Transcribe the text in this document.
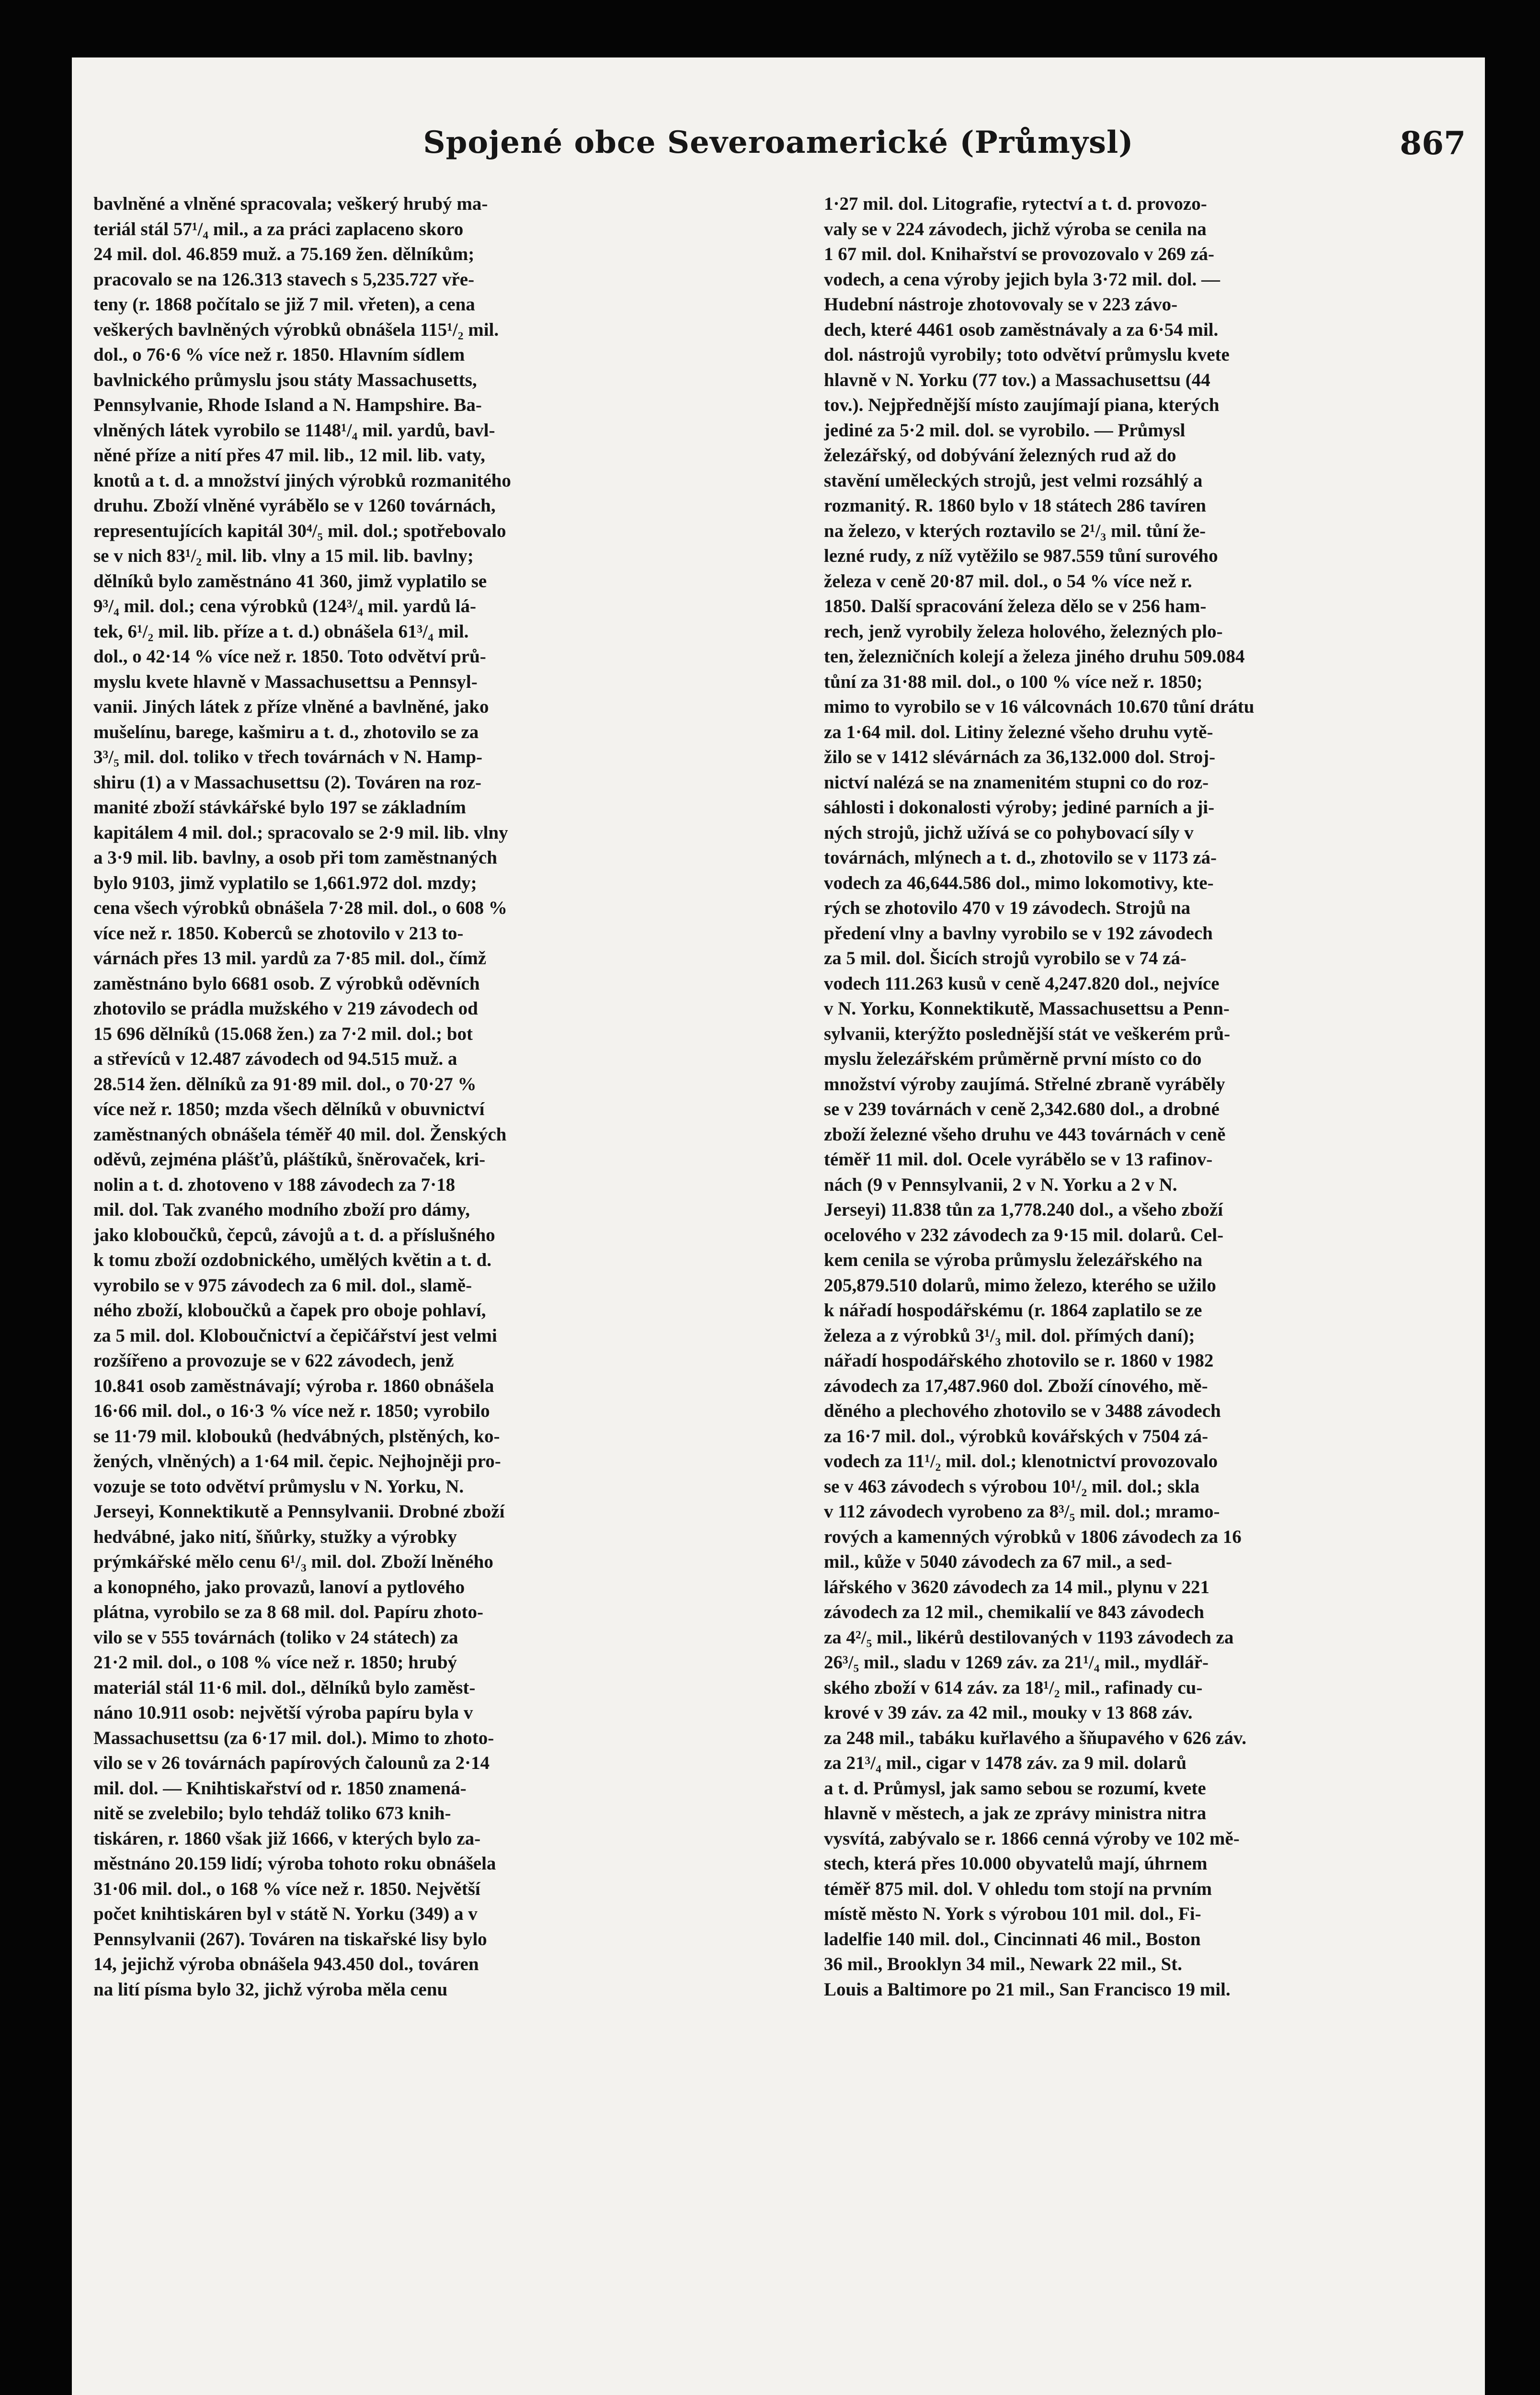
Spojené obce Severoamerické (Průmysl)	867
bavlněné a vlněné spracovala; veškerý hrubý ma-
teriál stál 57¹/₄ mil., a za práci zaplaceno skoro
24 mil. dol. 46.859 muž. a 75.169 žen. dělníkům;
pracovalo se na 126.313 stavech s 5,235.727 vře-
teny (r. 1868 počítalo se již 7 mil. vřeten), a cena
veškerých bavlněných výrobků obnášela 115¹/₂ mil.
dol., o 76·6 % více než r. 1850. Hlavním sídlem
bavlnického průmyslu jsou státy Massachusetts,
Pennsylvanie, Rhode Island a N. Hampshire. Ba-
vlněných látek vyrobilo se 1148¹/₄ mil. yardů, bavl-
něné příze a nití přes 47 mil. lib., 12 mil. lib. vaty,
knotů a t. d. a množství jiných výrobků rozmanitého
druhu. Zboží vlněné vyrábělo se v 1260 továrnách,
representujících kapitál 30⁴/₅ mil. dol.; spotřebovalo
se v nich 83¹/₂ mil. lib. vlny a 15 mil. lib. bavlny;
dělníků bylo zaměstnáno 41 360, jimž vyplatilo se
9³/₄ mil. dol.; cena výrobků (124³/₄ mil. yardů lá-
tek, 6¹/₂ mil. lib. příze a t. d.) obnášela 61³/₄ mil.
dol., o 42·14 % více než r. 1850. Toto odvětví prů-
myslu kvete hlavně v Massachusettsu a Pennsyl-
vanii. Jiných látek z příze vlněné a bavlněné, jako
mušelínu, barege, kašmiru a t. d., zhotovilo se za
3³/₅ mil. dol. toliko v třech továrnách v N. Hamp-
shiru (1) a v Massachusettsu (2). Továren na roz-
manité zboží stávkářské bylo 197 se základním
kapitálem 4 mil. dol.; spracovalo se 2·9 mil. lib. vlny
a 3·9 mil. lib. bavlny, a osob při tom zaměstnaných
bylo 9103, jimž vyplatilo se 1,661.972 dol. mzdy;
cena všech výrobků obnášela 7·28 mil. dol., o 608 %
více než r. 1850. Koberců se zhotovilo v 213 to-
várnách přes 13 mil. yardů za 7·85 mil. dol., čímž
zaměstnáno bylo 6681 osob. Z výrobků oděvních
zhotovilo se prádla mužského v 219 závodech od
15 696 dělníků (15.068 žen.) za 7·2 mil. dol.; bot
a střevíců v 12.487 závodech od 94.515 muž. a
28.514 žen. dělníků za 91·89 mil. dol., o 70·27 %
více než r. 1850; mzda všech dělníků v obuvnictví
zaměstnaných obnášela téměř 40 mil. dol. Ženských
oděvů, zejména plášťů, pláštíků, šněrovaček, kri-
nolin a t. d. zhotoveno v 188 závodech za 7·18
mil. dol. Tak zvaného modního zboží pro dámy,
jako kloboučků, čepců, závojů a t. d. a příslušného
k tomu zboží ozdobnického, umělých květin a t. d.
vyrobilo se v 975 závodech za 6 mil. dol., slamě-
ného zboží, kloboučků a čapek pro oboje pohlaví,
za 5 mil. dol. Kloboučnictví a čepičářství jest velmi
rozšířeno a provozuje se v 622 závodech, jenž
10.841 osob zaměstnávají; výroba r. 1860 obnášela
16·66 mil. dol., o 16·3 % více než r. 1850; vyrobilo
se 11·79 mil. klobouků (hedvábných, plstěných, ko-
žených, vlněných) a 1·64 mil. čepic. Nejhojněji pro-
vozuje se toto odvětví průmyslu v N. Yorku, N.
Jerseyi, Konnektikutě a Pennsylvanii. Drobné zboží
hedvábné, jako nití, šňůrky, stužky a výrobky
prýmkářské mělo cenu 6¹/₃ mil. dol. Zboží lněného
a konopného, jako provazů, lanoví a pytlového
plátna, vyrobilo se za 8 68 mil. dol. Papíru zhoto-
vilo se v 555 továrnách (toliko v 24 státech) za
21·2 mil. dol., o 108 % více než r. 1850; hrubý
materiál stál 11·6 mil. dol., dělníků bylo zaměst-
náno 10.911 osob: největší výroba papíru byla v
Massachusettsu (za 6·17 mil. dol.). Mimo to zhoto-
vilo se v 26 továrnách papírových čalounů za 2·14
mil. dol. — Knihtiskařství od r. 1850 znamená-
nitě se zvelebilo; bylo tehdáž toliko 673 knih-
tiskáren, r. 1860 však již 1666, v kterých bylo za-
městnáno 20.159 lidí; výroba tohoto roku obnášela
31·06 mil. dol., o 168 % více než r. 1850. Největší
počet knihtiskáren byl v státě N. Yorku (349) a v
Pennsylvanii (267). Továren na tiskařské lisy bylo
14, jejichž výroba obnášela 943.450 dol., továren
na lití písma bylo 32, jichž výroba měla cenu
1·27 mil. dol. Litografie, rytectví a t. d. provozo-
valy se v 224 závodech, jichž výroba se cenila na
1 67 mil. dol. Knihařství se provozovalo v 269 zá-
vodech, a cena výroby jejich byla 3·72 mil. dol. —
Hudební nástroje zhotovovaly se v 223 závo-
dech, které 4461 osob zaměstnávaly a za 6·54 mil.
dol. nástrojů vyrobily; toto odvětví průmyslu kvete
hlavně v N. Yorku (77 tov.) a Massachusettsu (44
tov.). Nejpřednější místo zaujímají piana, kterých
jediné za 5·2 mil. dol. se vyrobilo. — Průmysl
železářský, od dobývání železných rud až do
stavění uměleckých strojů, jest velmi rozsáhlý a
rozmanitý. R. 1860 bylo v 18 státech 286 tavíren
na železo, v kterých roztavilo se 2¹/₃ mil. tůní že-
lezné rudy, z níž vytěžilo se 987.559 tůní surového
železa v ceně 20·87 mil. dol., o 54 % více než r.
1850. Další spracování železa dělo se v 256 ham-
rech, jenž vyrobily železa holového, železných plo-
ten, železničních kolejí a železa jiného druhu 509.084
tůní za 31·88 mil. dol., o 100 % více než r. 1850;
mimo to vyrobilo se v 16 válcovnách 10.670 tůní drátu
za 1·64 mil. dol. Litiny železné všeho druhu vytě-
žilo se v 1412 slévárnách za 36,132.000 dol. Stroj-
nictví nalézá se na znamenitém stupni co do roz-
sáhlosti i dokonalosti výroby; jediné parních a ji-
ných strojů, jichž užívá se co pohybovací síly v
továrnách, mlýnech a t. d., zhotovilo se v 1173 zá-
vodech za 46,644.586 dol., mimo lokomotivy, kte-
rých se zhotovilo 470 v 19 závodech. Strojů na
předení vlny a bavlny vyrobilo se v 192 závodech
za 5 mil. dol. Šicích strojů vyrobilo se v 74 zá-
vodech 111.263 kusů v ceně 4,247.820 dol., nejvíce
v N. Yorku, Konnektikutě, Massachusettsu a Penn-
sylvanii, kterýžto poslednější stát ve veškerém prů-
myslu železářském průměrně první místo co do
množství výroby zaujímá. Střelné zbraně vyráběly
se v 239 továrnách v ceně 2,342.680 dol., a drobné
zboží železné všeho druhu ve 443 továrnách v ceně
téměř 11 mil. dol. Ocele vyrábělo se v 13 rafinov-
nách (9 v Pennsylvanii, 2 v N. Yorku a 2 v N.
Jerseyi) 11.838 tůn za 1,778.240 dol., a všeho zboží
ocelového v 232 závodech za 9·15 mil. dolarů. Cel-
kem cenila se výroba průmyslu železářského na
205,879.510 dolarů, mimo železo, kterého se užilo
k nářadí hospodářskému (r. 1864 zaplatilo se ze
železa a z výrobků 3¹/₃ mil. dol. přímých daní);
nářadí hospodářského zhotovilo se r. 1860 v 1982
závodech za 17,487.960 dol. Zboží cínového, mě-
děného a plechového zhotovilo se v 3488 závodech
za 16·7 mil. dol., výrobků kovářských v 7504 zá-
vodech za 11¹/₂ mil. dol.; klenotnictví provozovalo
se v 463 závodech s výrobou 10¹/₂ mil. dol.; skla
v 112 závodech vyrobeno za 8³/₅ mil. dol.; mramo-
rových a kamenných výrobků v 1806 závodech za 16
mil., kůže v 5040 závodech za 67 mil., a sed-
lářského v 3620 závodech za 14 mil., plynu v 221
závodech za 12 mil., chemikalií ve 843 závodech
za 4²/₅ mil., likérů destilovaných v 1193 závodech za
26³/₅ mil., sladu v 1269 záv. za 21¹/₄ mil., mydlář-
ského zboží v 614 záv. za 18¹/₂ mil., rafinady cu-
krové v 39 záv. za 42 mil., mouky v 13 868 záv.
za 248 mil., tabáku kuřlavého a šňupavého v 626 záv.
za 21³/₄ mil., cigar v 1478 záv. za 9 mil. dolarů
a t. d. Průmysl, jak samo sebou se rozumí, kvete
hlavně v městech, a jak ze zprávy ministra nitra
vysvítá, zabývalo se r. 1866 cenná výroby ve 102 mě-
stech, která přes 10.000 obyvatelů mají, úhrnem
téměř 875 mil. dol. V ohledu tom stojí na prvním
místě město N. York s výrobou 101 mil. dol., Fi-
ladelfie 140 mil. dol., Cincinnati 46 mil., Boston
36 mil., Brooklyn 34 mil., Newark 22 mil., St.
Louis a Baltimore po 21 mil., San Francisco 19 mil.
